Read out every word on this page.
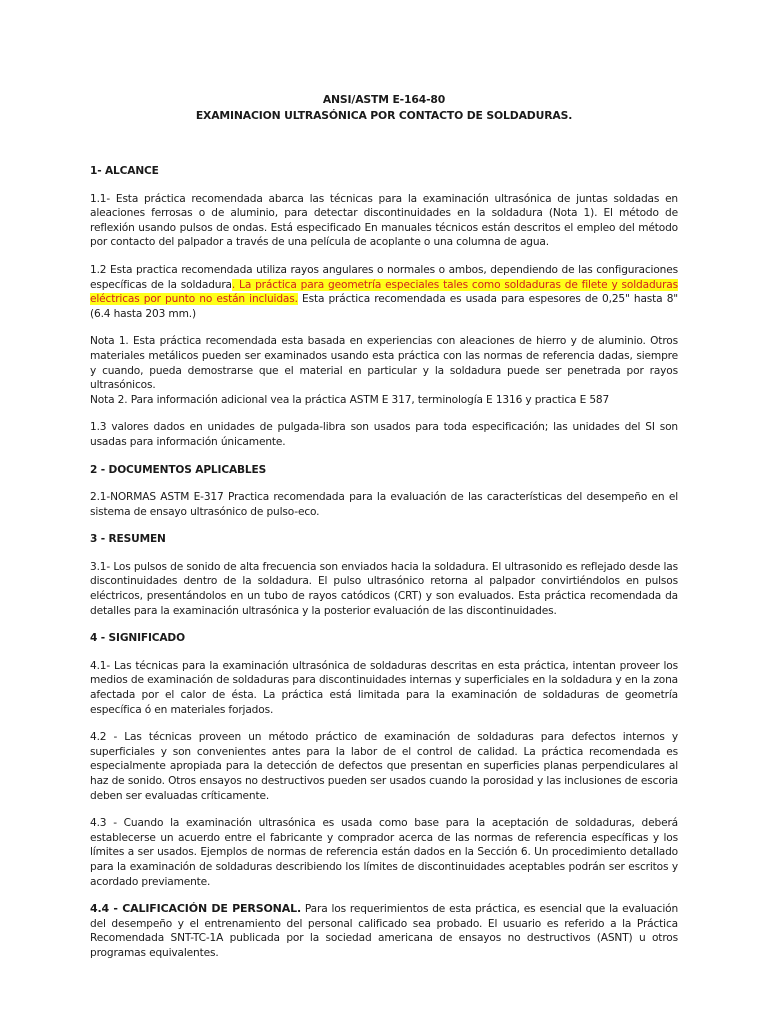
ANSI/ASTM E-164-80
EXAMINACION ULTRASÓNICA POR CONTACTO DE SOLDADURAS.
1- ALCANCE

1.1- Esta práctica recomendada abarca las técnicas para la examinación ultrasónica de juntas soldadas en aleaciones ferrosas o de aluminio, para detectar discontinuidades en la soldadura (Nota 1). El método de reflexión usando pulsos de ondas. Está especificado En manuales técnicos están descritos el empleo del método por contacto del palpador a través de una película de acoplante o una columna de agua.

1.2 Esta practica recomendada utiliza rayos angulares o normales o ambos, dependiendo de las configuraciones específicas de la soldadura. La práctica para geometría especiales tales como soldaduras de filete y soldaduras eléctricas por punto no están incluidas. Esta práctica recomendada es usada para espesores de 0,25" hasta 8"(6.4 hasta 203 mm.)

Nota 1. Esta práctica recomendada esta basada en experiencias con aleaciones de hierro y de aluminio. Otros materiales metálicos pueden ser examinados usando esta práctica con las normas de referencia dadas, siempre y cuando, pueda demostrarse que el material en particular y la soldadura puede ser penetrada por rayos ultrasónicos.

Nota 2. Para información adicional vea la práctica ASTM E 317, terminología E 1316 y practica E 587

1.3 valores dados en unidades de pulgada-libra son usados para toda especificación; las unidades del SI son usadas para información únicamente.

2 - DOCUMENTOS APLICABLES

2.1-NORMAS ASTM E-317 Practica recomendada para la evaluación de las características del desempeño en el sistema de ensayo ultrasónico de pulso-eco.

3 - RESUMEN

3.1- Los pulsos de sonido de alta frecuencia son enviados hacia la soldadura. El ultrasonido es reflejado desde las discontinuidades dentro de la soldadura. El pulso ultrasónico retorna al palpador convirtiéndolos en pulsos eléctricos, presentándolos en un tubo de rayos catódicos (CRT) y son evaluados. Esta práctica recomendada da detalles para la examinación ultrasónica y la posterior evaluación de las discontinuidades.

4 - SIGNIFICADO

4.1- Las técnicas para la examinación ultrasónica de soldaduras descritas en esta práctica, intentan proveer los medios de examinación de soldaduras para discontinuidades internas y superficiales en la soldadura y en la zona afectada por el calor de ésta. La práctica está limitada para la examinación de soldaduras de geometría específica ó en materiales forjados.

4.2 - Las técnicas proveen un método práctico de examinación de soldaduras para defectos internos y superficiales y son convenientes antes para la labor de el control de calidad. La práctica recomendada es especialmente apropiada para la detección de defectos que presentan en superficies planas perpendiculares al haz de sonido. Otros ensayos no destructivos pueden ser usados cuando la porosidad y las inclusiones de escoria deben ser evaluadas críticamente.

4.3 - Cuando la examinación ultrasónica es usada como base para la aceptación de soldaduras, deberá establecerse un acuerdo entre el fabricante y comprador acerca de las normas de referencia específicas y los límites a ser usados. Ejemplos de normas de referencia están dados en la Sección 6. Un procedimiento detallado para la examinación de soldaduras describiendo los límites de discontinuidades aceptables podrán ser escritos y acordado previamente.

4.4 - CALIFICACIÓN DE PERSONAL. Para los requerimientos de esta práctica, es esencial que la evaluación del desempeño y el entrenamiento del personal calificado sea probado. El usuario es referido a la Práctica Recomendada SNT-TC-1A publicada por la sociedad americana de ensayos no destructivos (ASNT) u otros programas equivalentes.
